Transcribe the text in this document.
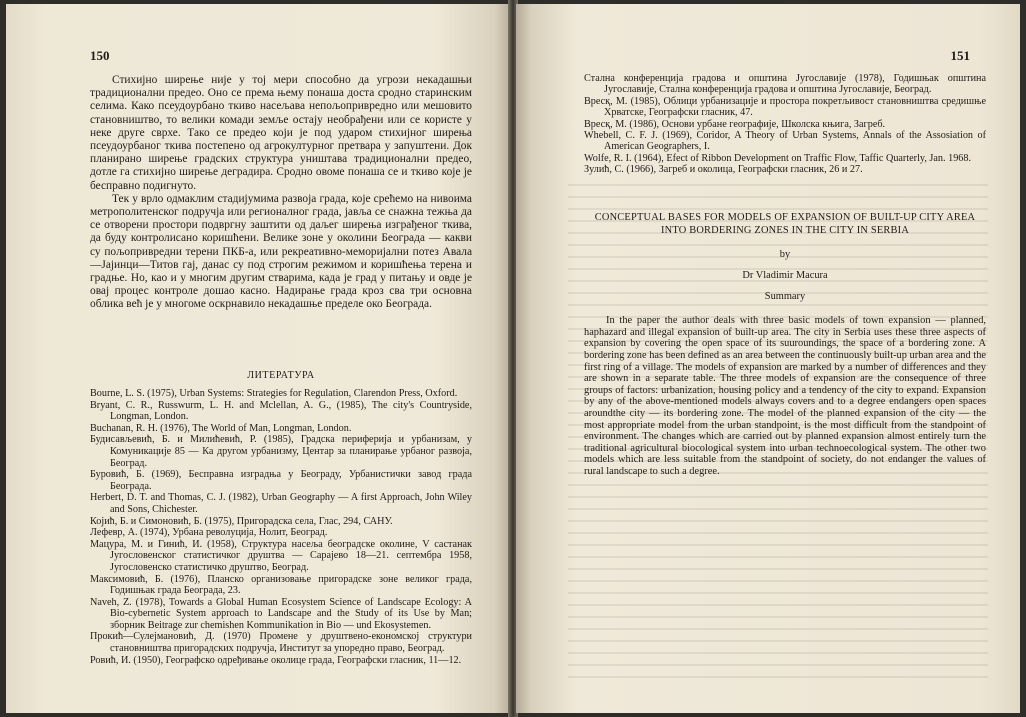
150

Стихијно ширење није у тој мери способно да угрози некадашњи традиционални предео. Оно се према њему понаша доста сродно старинским селима. Како псеудоурбано ткиво насељава непољопривредно или мешовито становништво, то велики комади земље остају необрађени или се користе у неке друге сврхе. Тако се предео који је под ударом стихијног ширења псеудоурбаног ткива постепено од агрокултурног претвара у запуштени. Док планирано ширење градских структура уништава традиционални предео, дотле га стихијно ширење деградира. Сродно овоме понаша се и ткиво које је бесправно подигнуто.

Тек у врло одмаклим стадијумима развоја града, које срећемо на нивоима метрополитенског подручја или регионалног града, јавља се снажна тежња да се отворени простори подвргну заштити од даљег ширења изграђеног ткива, да буду контролисано коришћени. Велике зоне у околини Београда — какви су пољопривредни терени ПКБ-а, или рекреативно-меморијални потез Авала—Јајинци—Титов гај, данас су под строгим режимом и коришћења терена и градње. Но, као и у многим другим стварима, када је град у питању и овде је овај процес контроле дошао касно. Надирање града кроз сва три основна облика већ је у многоме оскрнавило некадашње пределе око Београда.

ЛИТЕРАТУРА

Bourne, L. S. (1975), Urban Systems: Strategies for Regulation, Clarendon Press, Oxford.

Bryant, C. R., Russwurm, L. H. and Mclellan, A. G., (1985), The city's Countryside, Longman, London.

Buchanan, R. H. (1976), The World of Man, Longman, London.

Будисављевић, Б. и Милићевић, Р. (1985), Градска периферија и урбанизам, у Комуникације 85 — Ка другом урбанизму, Центар за планирање урбаног развоја, Београд.

Буровић, Б. (1969), Бесправна изградња у Београду, Урбанистички завод града Београда.

Herbert, D. T. and Thomas, C. J. (1982), Urban Geography — A first Approach, John Wiley and Sons, Chichester.

Којић, Б. и Симоновић, Б. (1975), Пригорадска села, Глас, 294, САНУ.

Лефевр, А. (1974), Урбана револуција, Нолит, Београд.

Мацура, М. и Гинић, И. (1958), Структура насеља београдске околине, V састанак Југословенског статистичког друштва — Сарајево 18—21. септембра 1958, Југословенско статистичко друштво, Београд.

Максимовић, Б. (1976), Планско организовање пригорадске зоне великог града, Годишњак града Београда, 23.

Naveh, Z. (1978), Towards a Global Human Ecosystem Science of Landscape Ecology: A Bio-cybernetic System approach to Landscape and the Study of its Use by Man; зборник Beitrage zur chemishen Kommunikation in Bio — und Ekosystemen.

Прокић—Сулејмановић, Д. (1970) Промене у друштвено-економској структури становништва пригорадских подручја, Институт за упоредно право, Београд.

Ровић, И. (1950), Географско одређивање околице града, Географски гласник, 11—12.

151

Стална конференција градова и општина Југославије (1978), Годишњак општина Југославије, Стална конференција градова и општина Југославије, Београд.

Вресқ, М. (1985), Облици урбанизације и простора покретљивост становништва средишње Хрватске, Географски гласник, 47.

Вресқ, М. (1986), Основи урбане географије, Школска књига, Загреб.

Whebell, C. F. J. (1969), Coridor, A Theory of Urban Systems, Annals of the Assosiation of American Geographers, I.

Wolfe, R. I. (1964), Efect of Ribbon Development on Traffic Flow, Taffic Quarterly, Jan. 1968.

Зулић, С. (1966), Загреб и околица, Географски гласник, 26 и 27.

CONCEPTUAL BASES FOR MODELS OF EXPANSION OF BUILT-UP CITY AREA INTO BORDERING ZONES IN THE CITY IN SERBIA

by

Dr Vladimir Macura

Summary

In the paper the author deals with three basic models of town expansion — planned, haphazard and illegal expansion of built-up area. The city in Serbia uses these three aspects of expansion by covering the open space of its suuroundings, the space of a bordering zone. A bordering zone has been defined as an area between the continuously built-up urban area and the first ring of a village. The models of expansion are marked by a number of differences and they are shown in a separate table. The three models of expansion are the consequence of three groups of factors: urbanization, housing policy and a tendency of the city to expand. Expansion by any of the above-mentioned models always covers and to a degree endangers open spaces aroundthe city — its bordering zone. The model of the planned expansion of the city — the most appropriate model from the urban standpoint, is the most difficult from the standpoint of environment. The changes which are carried out by planned expansion almost entirely turn the traditional agricultural biocological system into urban technoecological system. The other two models which are less suitable from the standpoint of society, do not endanger the values of rural landscape to such a degree.
